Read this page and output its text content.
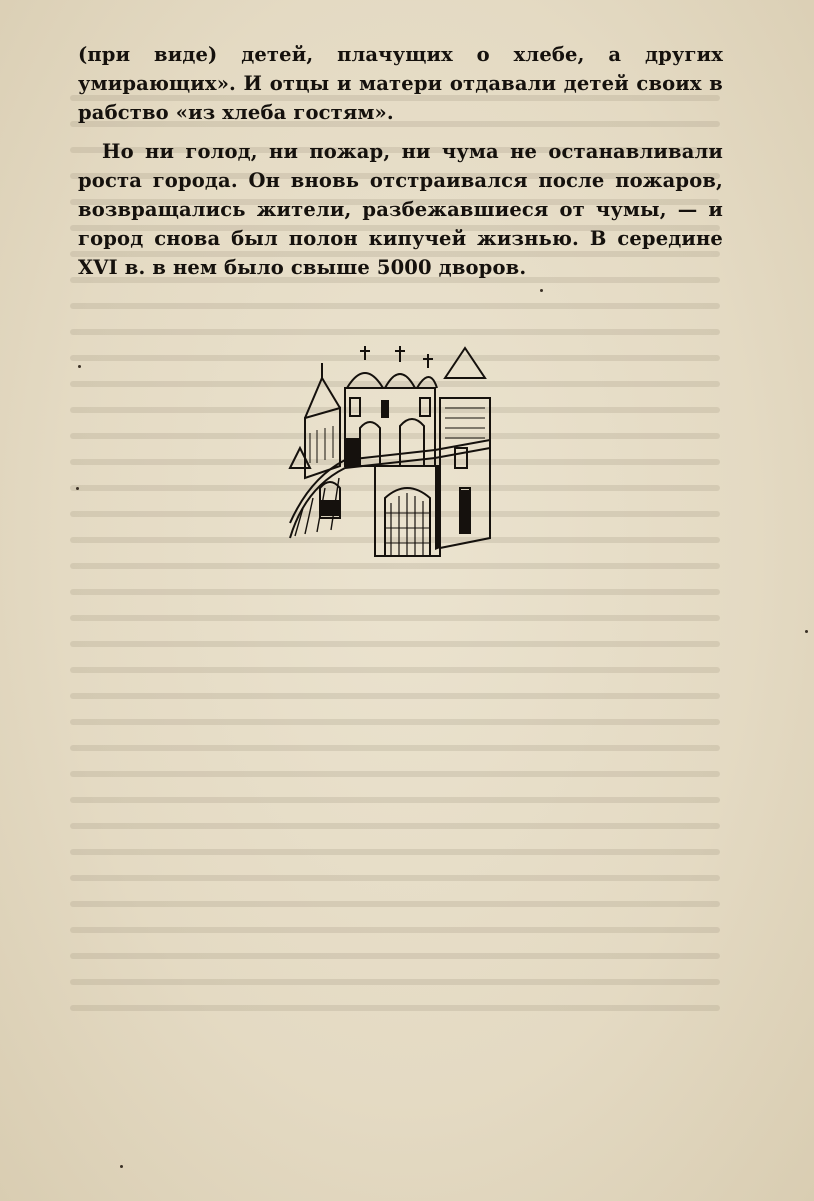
(при виде) детей, плачущих о хлебе, а других умирающих». И отцы и матери отдавали детей своих в рабство «из хлеба гостям».

Но ни голод, ни пожар, ни чума не останавливали роста города. Он вновь отстраивался после пожаров, возвращались жители, разбежавшиеся от чумы, — и город снова был полон кипучей жизнью. В середине XVI в. в нем было свыше 5000 дворов.
